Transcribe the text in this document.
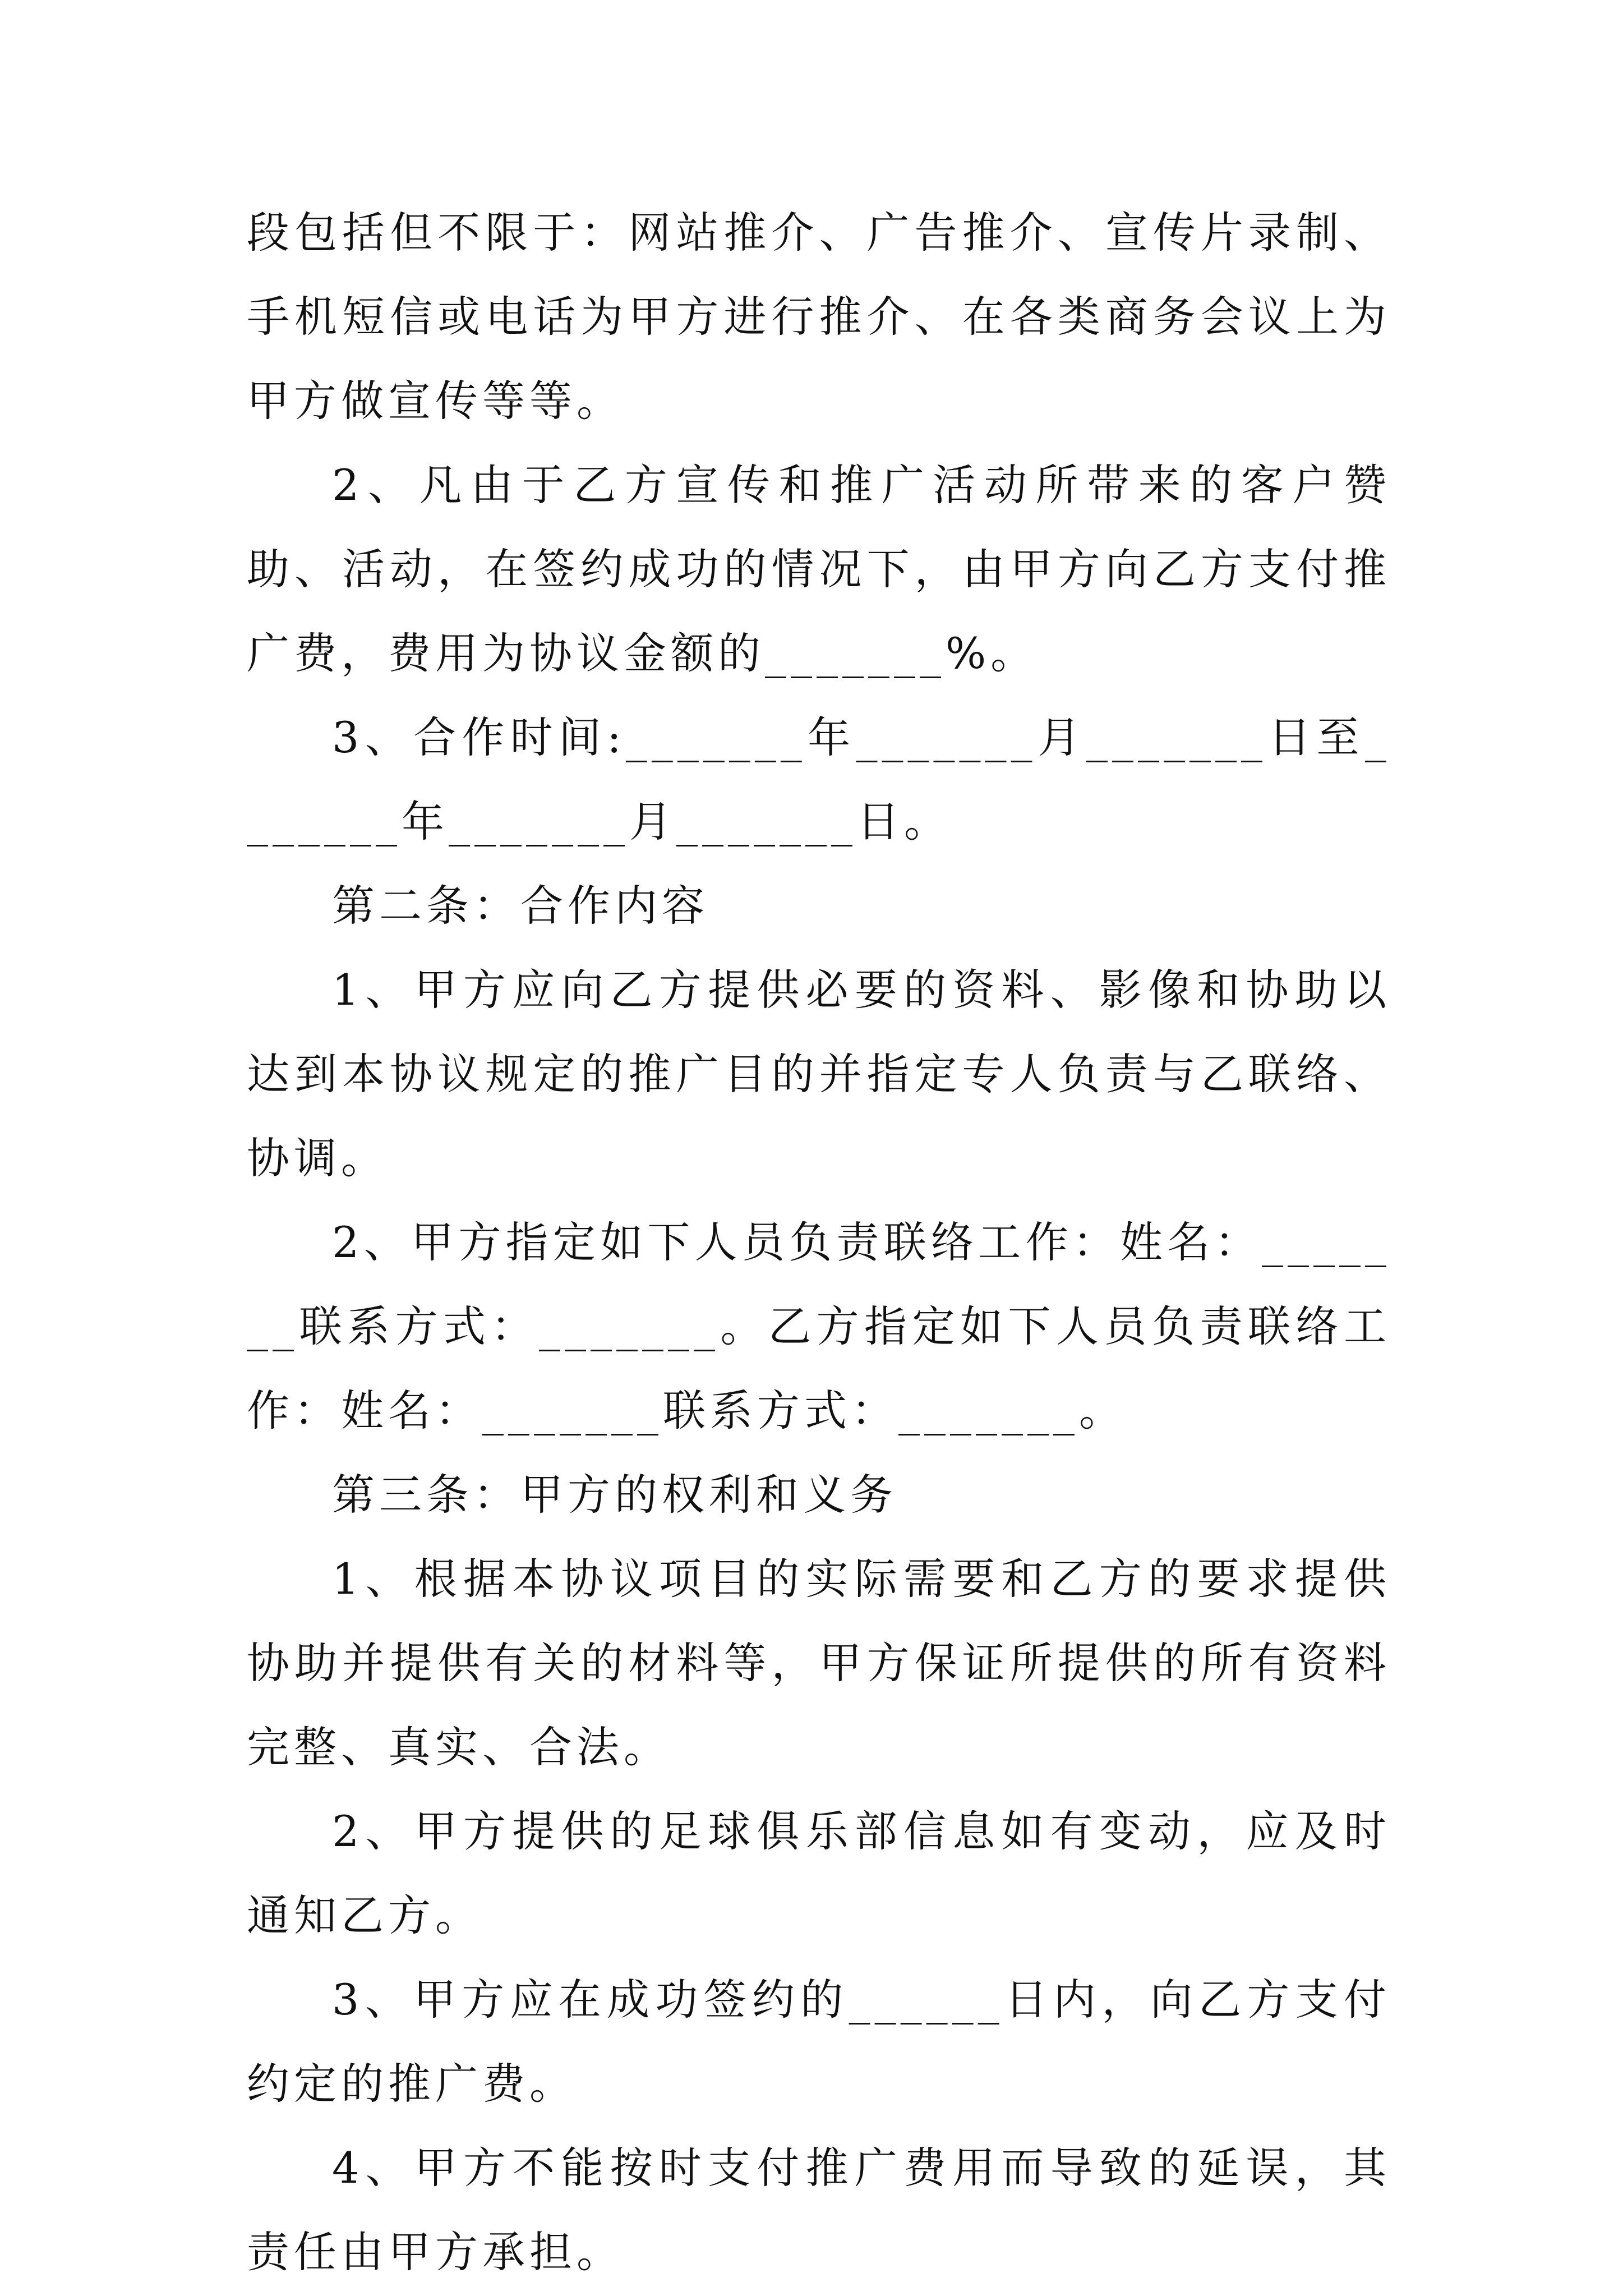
段包括但不限于：网站推介、广告推介、宣传片录制、手机短信或电话为甲方进行推介、在各类商务会议上为甲方做宣传等等。

2、凡由于乙方宣传和推广活动所带来的客户赞助、活动，在签约成功的情况下，由甲方向乙方支付推广费，费用为协议金额的_______%。

3、合作时间:_______年_______月_______日至_______年_______月_______日。

第二条：合作内容

1、甲方应向乙方提供必要的资料、影像和协助以达到本协议规定的推广目的并指定专人负责与乙联络、协调。

2、甲方指定如下人员负责联络工作：姓名：_______联系方式：_______。乙方指定如下人员负责联络工作：姓名：_______联系方式：_______。

第三条：甲方的权利和义务

1、根据本协议项目的实际需要和乙方的要求提供协助并提供有关的材料等，甲方保证所提供的所有资料完整、真实、合法。

2、甲方提供的足球俱乐部信息如有变动，应及时通知乙方。

3、甲方应在成功签约的______日内，向乙方支付约定的推广费。

4、甲方不能按时支付推广费用而导致的延误，其责任由甲方承担。
